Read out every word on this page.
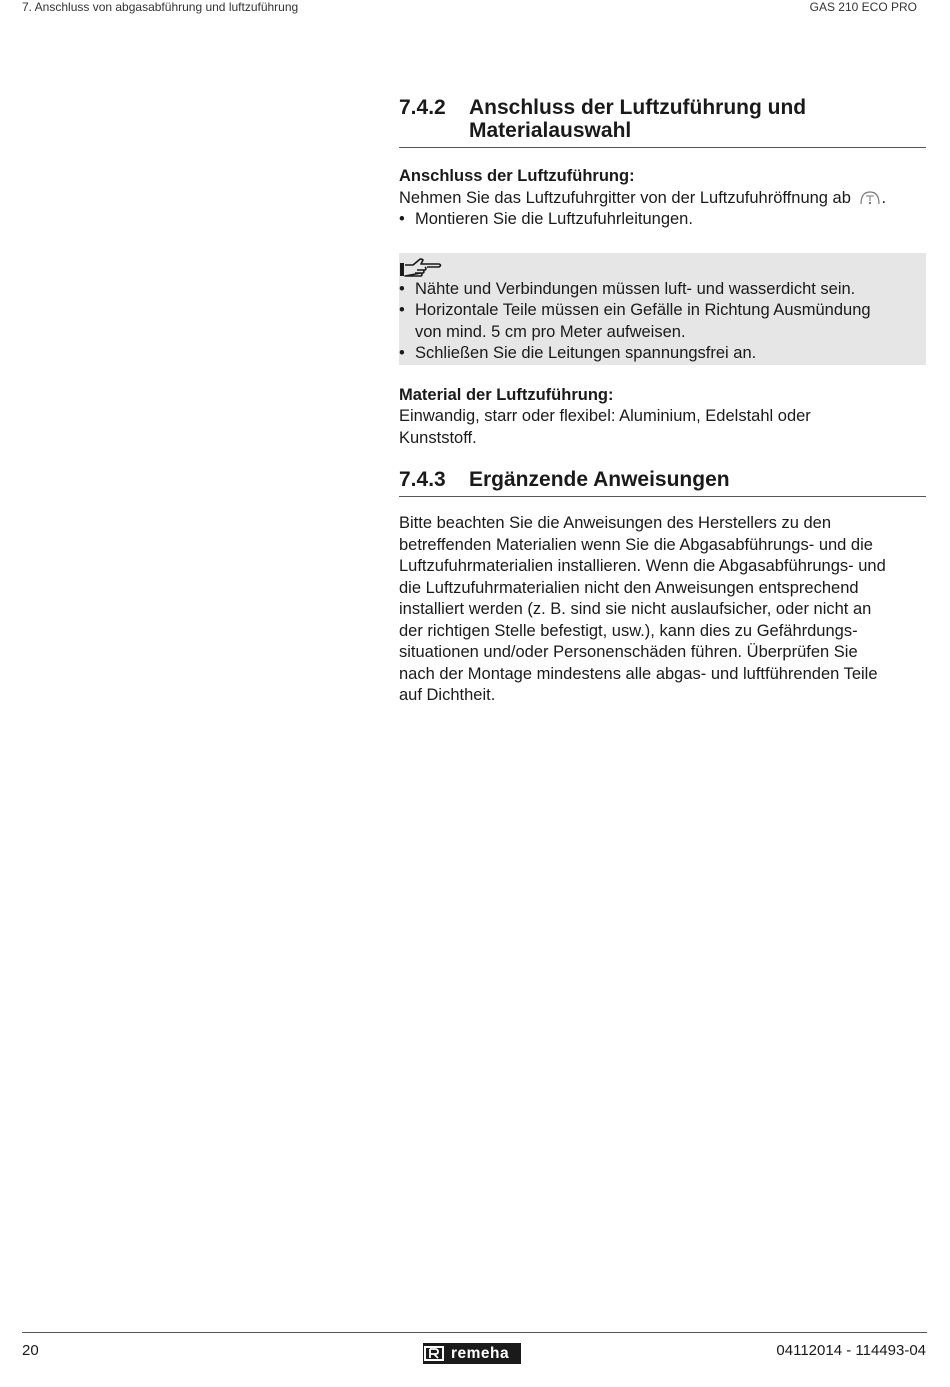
7. Anschluss von abgasabführung und luftzuführung	GAS 210 ECO PRO
7.4.2	Anschluss der Luftzuführung und
Materialauswahl
Anschluss der Luftzuführung:
Nehmen Sie das Luftzufuhrgitter von der Luftzufuhröffnung ab .
• Montieren Sie die Luftzufuhrleitungen.
• Nähte und Verbindungen müssen luft- und wasserdicht sein.
• Horizontale Teile müssen ein Gefälle in Richtung Ausmündung
von mind. 5 cm pro Meter aufweisen.
• Schließen Sie die Leitungen spannungsfrei an.
Material der Luftzuführung:
Einwandig, starr oder flexibel: Aluminium, Edelstahl oder
Kunststoff.
7.4.3	Ergänzende Anweisungen
Bitte beachten Sie die Anweisungen des Herstellers zu den
betreffenden Materialien wenn Sie die Abgasabführungs- und die
Luftzufuhrmaterialien installieren. Wenn die Abgasabführungs- und
die Luftzufuhrmaterialien nicht den Anweisungen entsprechend
installiert werden (z. B. sind sie nicht auslaufsicher, oder nicht an
der richtigen Stelle befestigt, usw.), kann dies zu Gefährdungs-
situationen und/oder Personenschäden führen. Überprüfen Sie
nach der Montage mindestens alle abgas- und luftführenden Teile
auf Dichtheit.
20	remeha	04112014 - 114493-04
